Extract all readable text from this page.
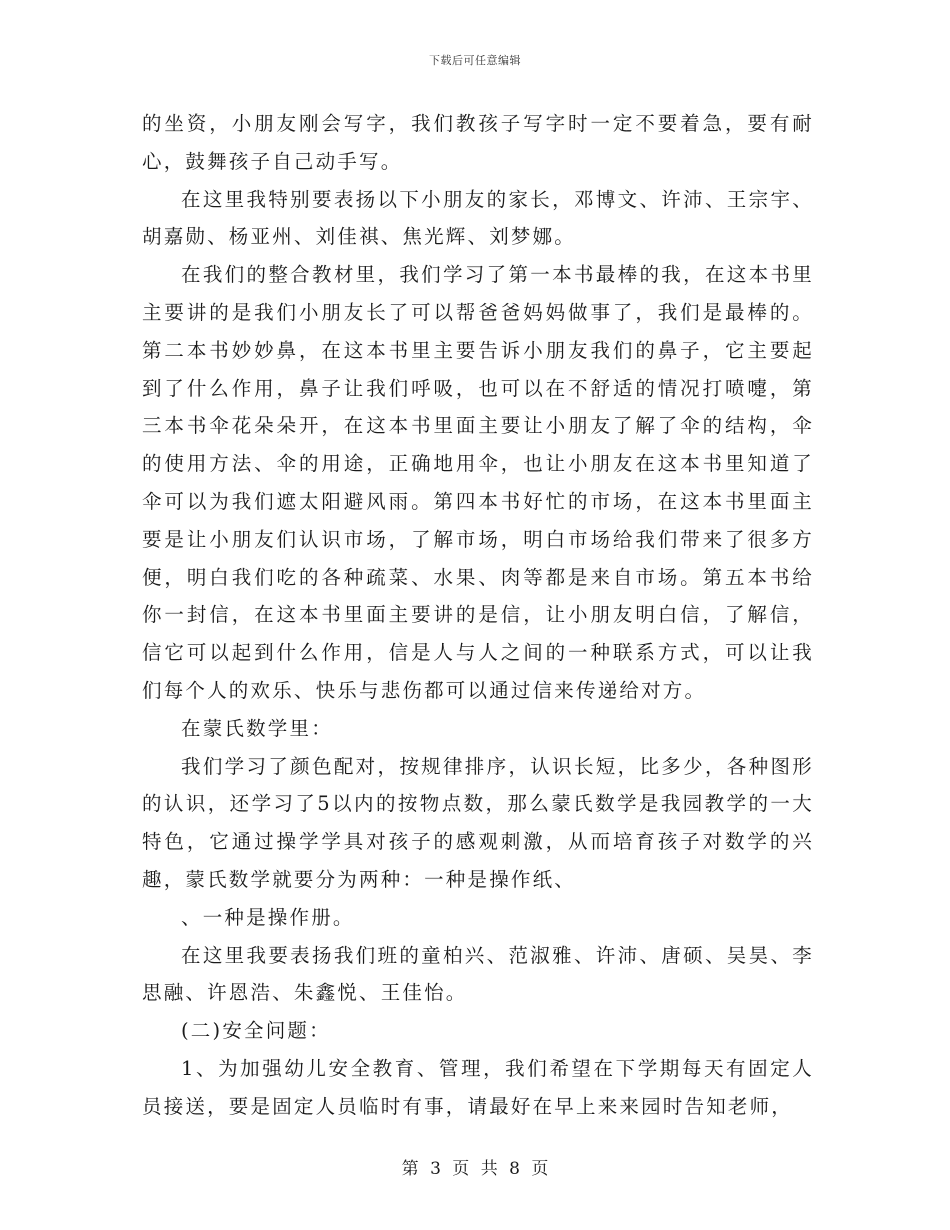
下载后可任意编辑

的坐资，小朋友刚会写字，我们教孩子写字时一定不要着急，要有耐心，鼓舞孩子自己动手写。

在这里我特别要表扬以下小朋友的家长，邓博文、许沛、王宗宇、胡嘉勋、杨亚州、刘佳祺、焦光辉、刘梦娜。

在我们的整合教材里，我们学习了第一本书最棒的我，在这本书里主要讲的是我们小朋友长了可以帮爸爸妈妈做事了，我们是最棒的。第二本书妙妙鼻，在这本书里主要告诉小朋友我们的鼻子，它主要起到了什么作用，鼻子让我们呼吸，也可以在不舒适的情况打喷嚏，第三本书伞花朵朵开，在这本书里面主要让小朋友了解了伞的结构，伞的使用方法、伞的用途，正确地用伞，也让小朋友在这本书里知道了伞可以为我们遮太阳避风雨。第四本书好忙的市场，在这本书里面主要是让小朋友们认识市场，了解市场，明白市场给我们带来了很多方便，明白我们吃的各种疏菜、水果、肉等都是来自市场。第五本书给你一封信，在这本书里面主要讲的是信，让小朋友明白信，了解信，信它可以起到什么作用，信是人与人之间的一种联系方式，可以让我们每个人的欢乐、快乐与悲伤都可以通过信来传递给对方。

在蒙氏数学里：

我们学习了颜色配对，按规律排序，认识长短，比多少，各种图形的认识，还学习了5以内的按物点数，那么蒙氏数学是我园教学的一大特色，它通过操学学具对孩子的感观刺激，从而培育孩子对数学的兴趣，蒙氏数学就要分为两种：一种是操作纸、

、一种是操作册。

在这里我要表扬我们班的童柏兴、范淑雅、许沛、唐硕、吴昊、李思融、许恩浩、朱鑫悦、王佳怡。

(二)安全问题：

1、为加强幼儿安全教育、管理，我们希望在下学期每天有固定人员接送，要是固定人员临时有事，请最好在早上来来园时告知老师，

第 3 页 共 8 页
